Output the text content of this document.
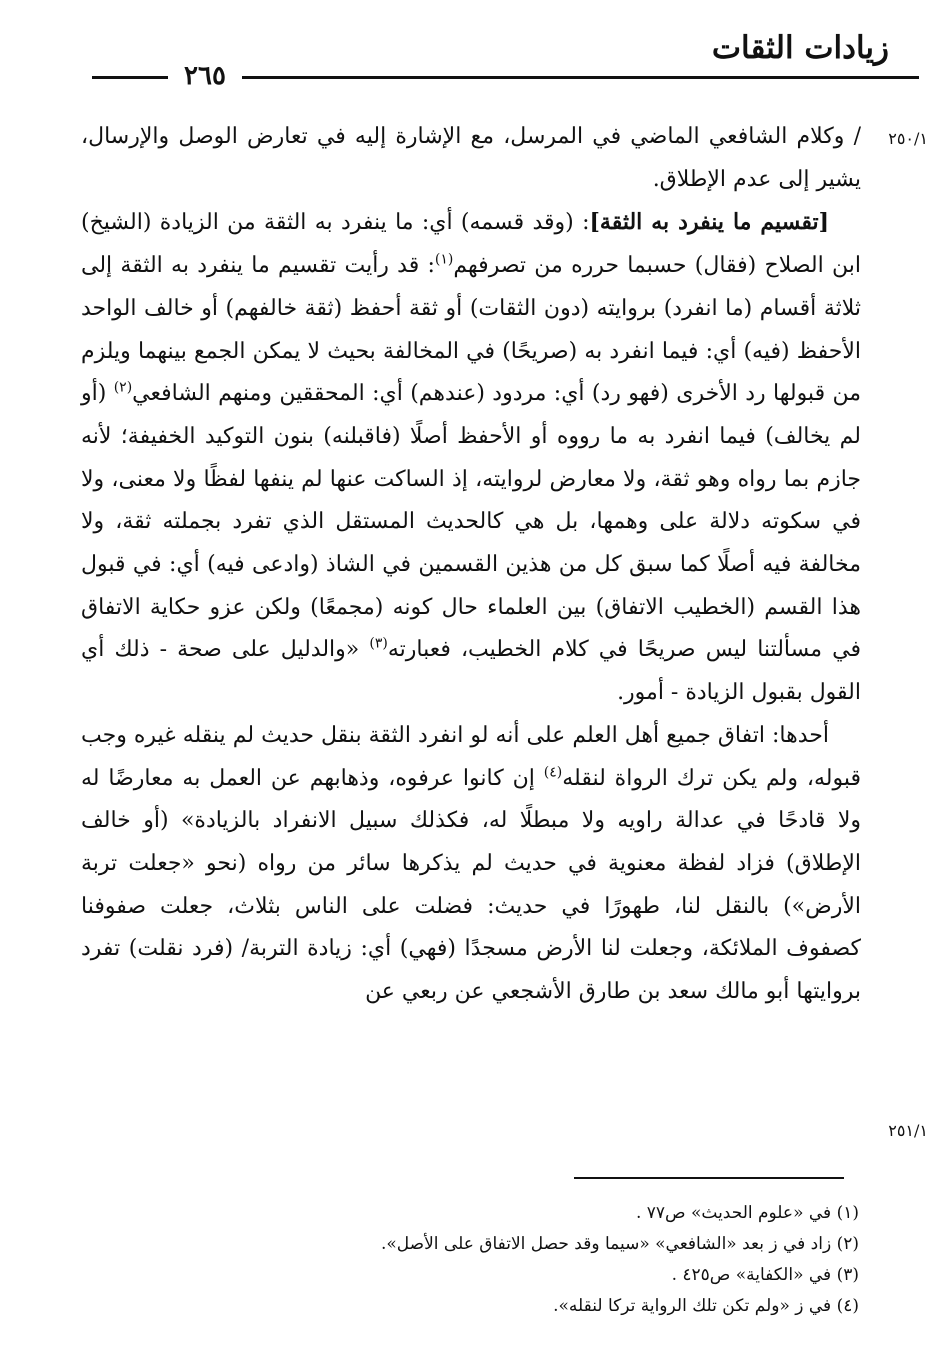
زيادات الثقات
٢٦٥
٢٥٠/١
٢٥١/١

/ وكلام الشافعي الماضي في المرسل، مع الإشارة إليه في تعارض الوصل والإرسال، يشير إلى عدم الإطلاق.

[تقسيم ما ينفرد به الثقة]: (وقد قسمه) أي: ما ينفرد به الثقة من الزيادة (الشيخ) ابن الصلاح (فقال) حسبما حرره من تصرفهم$^{(١)}$: قد رأيت تقسيم ما ينفرد به الثقة إلى ثلاثة أقسام (ما انفرد) بروايته (دون الثقات) أو ثقة أحفظ (ثقة خالفهم) أو خالف الواحد الأحفظ (فيه) أي: فيما انفرد به (صريحًا) في المخالفة بحيث لا يمكن الجمع بينهما ويلزم من قبولها رد الأخرى (فهو رد) أي: مردود (عندهم) أي: المحققين ومنهم الشافعي$^{(٢)}$ (أو لم يخالف) فيما انفرد به ما رووه أو الأحفظ أصلًا (فاقبلنه) بنون التوكيد الخفيفة؛ لأنه جازم بما رواه وهو ثقة، ولا معارض لروايته، إذ الساكت عنها لم ينفها لفظًا ولا معنى، ولا في سكوته دلالة على وهمها، بل هي كالحديث المستقل الذي تفرد بجملته ثقة، ولا مخالفة فيه أصلًا كما سبق كل من هذين القسمين في الشاذ (وادعى فيه) أي: في قبول هذا القسم (الخطيب الاتفاق) بين العلماء حال كونه (مجمعًا) ولكن عزو حكاية الاتفاق في مسألتنا ليس صريحًا في كلام الخطيب، فعبارته$^{(٣)}$ «والدليل على صحة - ذلك أي القول بقبول الزيادة - أمور.

أحدها: اتفاق جميع أهل العلم على أنه لو انفرد الثقة بنقل حديث لم ينقله غيره وجب قبوله، ولم يكن ترك الرواة لنقله$^{(٤)}$ إن كانوا عرفوه، وذهابهم عن العمل به معارضًا له ولا قادحًا في عدالة راويه ولا مبطلًا له، فكذلك سبيل الانفراد بالزيادة» (أو خالف الإطلاق) فزاد لفظة معنوية في حديث لم يذكرها سائر من رواه (نحو «جعلت تربة الأرض») بالنقل لنا، طهورًا في حديث: فضلت على الناس بثلاث، جعلت صفوفنا كصفوف الملائكة، وجعلت لنا الأرض مسجدًا (فهي) أي: زيادة التربة/ (فرد نقلت) تفرد بروايتها أبو مالك سعد بن طارق الأشجعي عن ربعي عن

(١) في «علوم الحديث» ص٧٧ .
(٢) زاد في ز بعد «الشافعي» «سيما وقد حصل الاتفاق على الأصل».
(٣) في «الكفاية» ص٤٢٥ .
(٤) في ز «ولم تكن تلك الرواية تركا لنقله».
